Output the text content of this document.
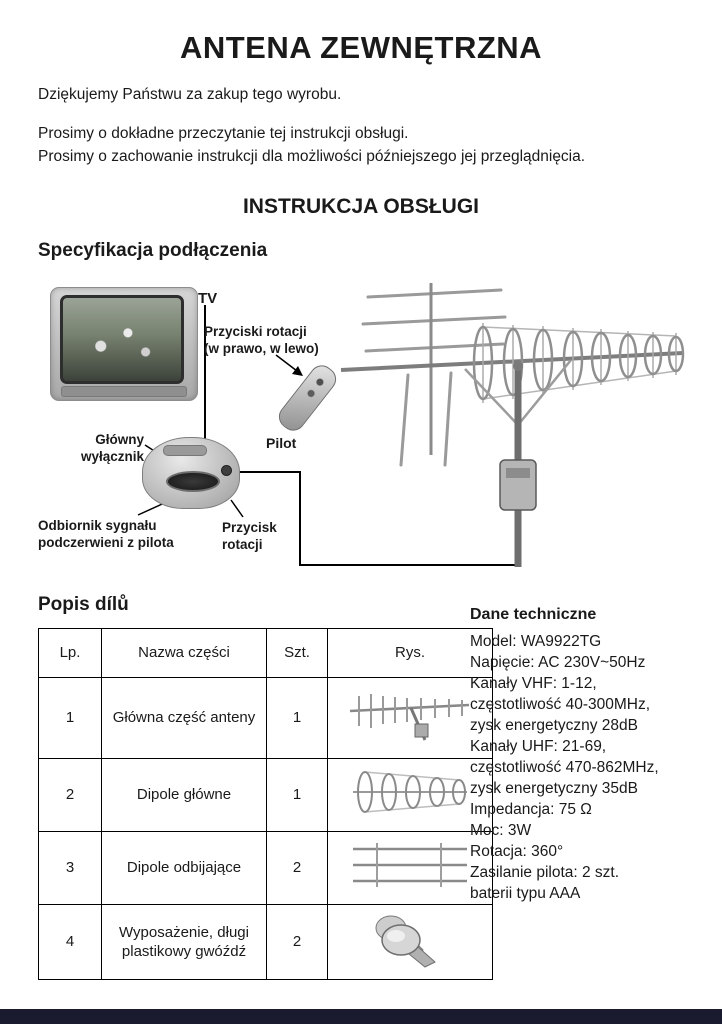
ANTENA ZEWNĘTRZNA

Dziękujemy Państwu za zakup tego wyrobu.

Prosimy o dokładne przeczytanie tej instrukcji obsługi.

Prosimy o zachowanie instrukcji dla możliwości późniejszego jej przeglądnięcia.

INSTRUKCJA OBSŁUGI
Specyfikacja podłączenia
TV
Przyciski rotacji
(w prawo, w lewo)
Pilot
Główny
wyłącznik
Odbiornik sygnału
podczerwieni z pilota
Przycisk
rotacji
Popis dílů
Lp.	Nazwa części	Szt.	Rys.
1	Główna część anteny	1	
2	Dipole główne	1	
3	Dipole odbijające	2	
4	Wyposażenie, długi plastikowy gwóźdź	2	
Dane techniczne
Model: WA9922TG
Napięcie: AC 230V~50Hz
Kanały VHF: 1-12,
częstotliwość 40-300MHz,
zysk energetyczny 28dB
Kanały UHF: 21-69,
częstotliwość 470-862MHz,
zysk energetyczny 35dB
Impedancja: 75 Ω
Moc: 3W
Rotacja: 360°
Zasilanie pilota: 2 szt.
baterii typu AAA
